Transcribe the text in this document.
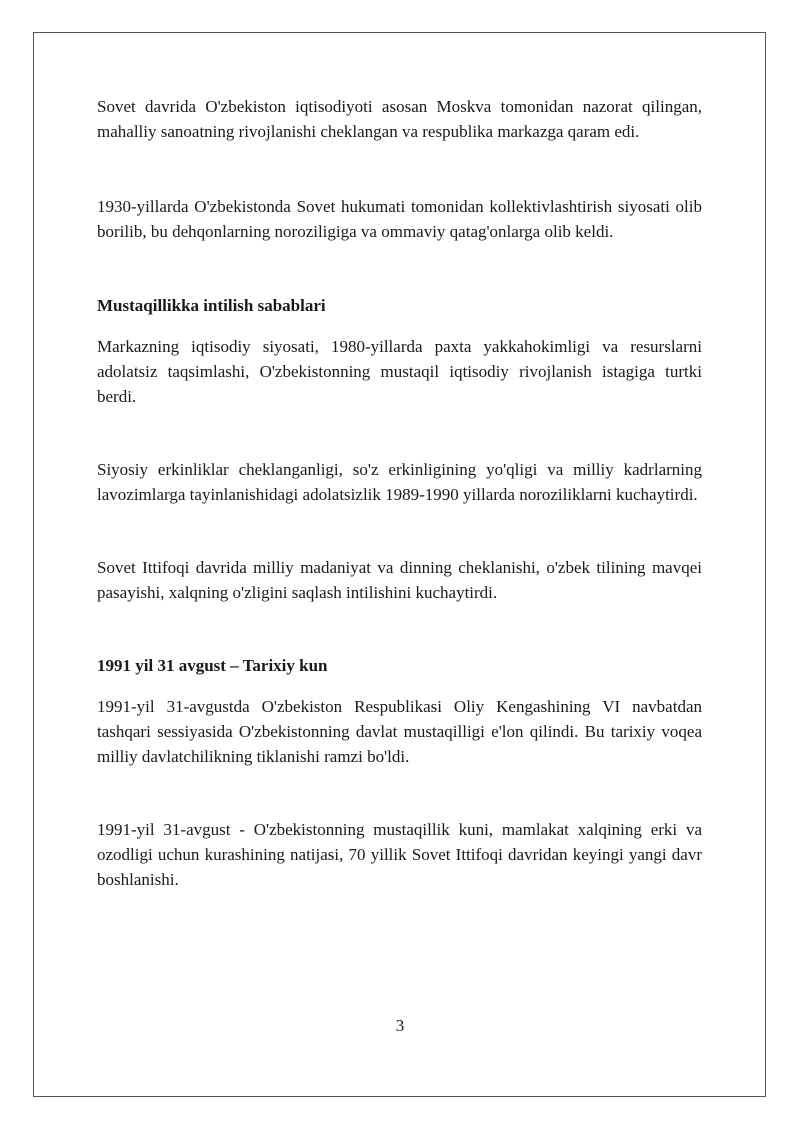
Sovet davrida O'zbekiston iqtisodiyoti asosan Moskva tomonidan nazorat qilingan, mahalliy sanoatning rivojlanishi cheklangan va respublika markazga qaram edi.

1930-yillarda O'zbekistonda Sovet hukumati tomonidan kollektivlashtirish siyosati olib borilib, bu dehqonlarning noroziligiga va ommaviy qatag'onlarga olib keldi.

Mustaqillikka intilish sabablari

Markazning iqtisodiy siyosati, 1980-yillarda paxta yakkahokimligi va resurslarni adolatsiz taqsimlashi, O'zbekistonning mustaqil iqtisodiy rivojlanish istagiga turtki berdi.

Siyosiy erkinliklar cheklanganligi, so'z erkinligining yo'qligi va milliy kadrlarning lavozimlarga tayinlanishidagi adolatsizlik 1989-1990 yillarda noroziliklarni kuchaytirdi.

Sovet Ittifoqi davrida milliy madaniyat va dinning cheklanishi, o'zbek tilining mavqei pasayishi, xalqning o'zligini saqlash intilishini kuchaytirdi.

1991 yil 31 avgust – Tarixiy kun

1991-yil 31-avgustda O'zbekiston Respublikasi Oliy Kengashining VI navbatdan tashqari sessiyasida O'zbekistonning davlat mustaqilligi e'lon qilindi. Bu tarixiy voqea milliy davlatchilikning tiklanishi ramzi bo'ldi.

1991-yil 31-avgust - O'zbekistonning mustaqillik kuni, mamlakat xalqining erki va ozodligi uchun kurashining natijasi, 70 yillik Sovet Ittifoqi davridan keyingi yangi davr boshlanishi.

3
